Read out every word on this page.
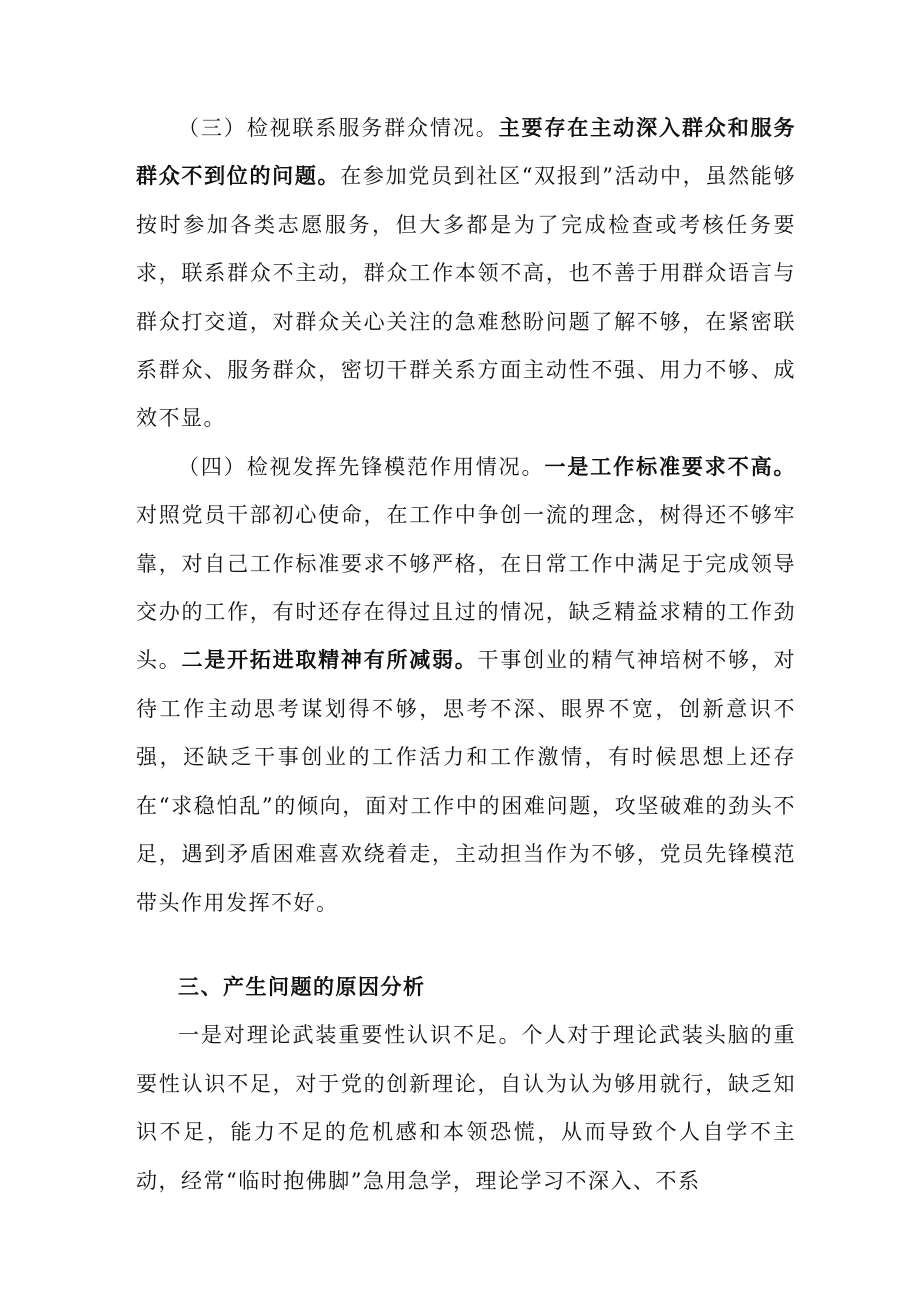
（三）检视联系服务群众情况。主要存在主动深入群众和服务群众不到位的问题。在参加党员到社区“双报到”活动中，虽然能够按时参加各类志愿服务，但大多都是为了完成检查或考核任务要求，联系群众不主动，群众工作本领不高，也不善于用群众语言与群众打交道，对群众关心关注的急难愁盼问题了解不够，在紧密联系群众、服务群众，密切干群关系方面主动性不强、用力不够、成效不显。

（四）检视发挥先锋模范作用情况。一是工作标准要求不高。对照党员干部初心使命，在工作中争创一流的理念，树得还不够牢靠，对自己工作标准要求不够严格，在日常工作中满足于完成领导交办的工作，有时还存在得过且过的情况，缺乏精益求精的工作劲头。二是开拓进取精神有所减弱。干事创业的精气神培树不够，对待工作主动思考谋划得不够，思考不深、眼界不宽，创新意识不强，还缺乏干事创业的工作活力和工作激情，有时候思想上还存在“求稳怕乱”的倾向，面对工作中的困难问题，攻坚破难的劲头不足，遇到矛盾困难喜欢绕着走，主动担当作为不够，党员先锋模范带头作用发挥不好。

三、产生问题的原因分析

一是对理论武装重要性认识不足。个人对于理论武装头脑的重要性认识不足，对于党的创新理论，自认为认为够用就行，缺乏知识不足，能力不足的危机感和本领恐慌，从而导致个人自学不主动，经常“临时抱佛脚”急用急学，理论学习不深入、不系
